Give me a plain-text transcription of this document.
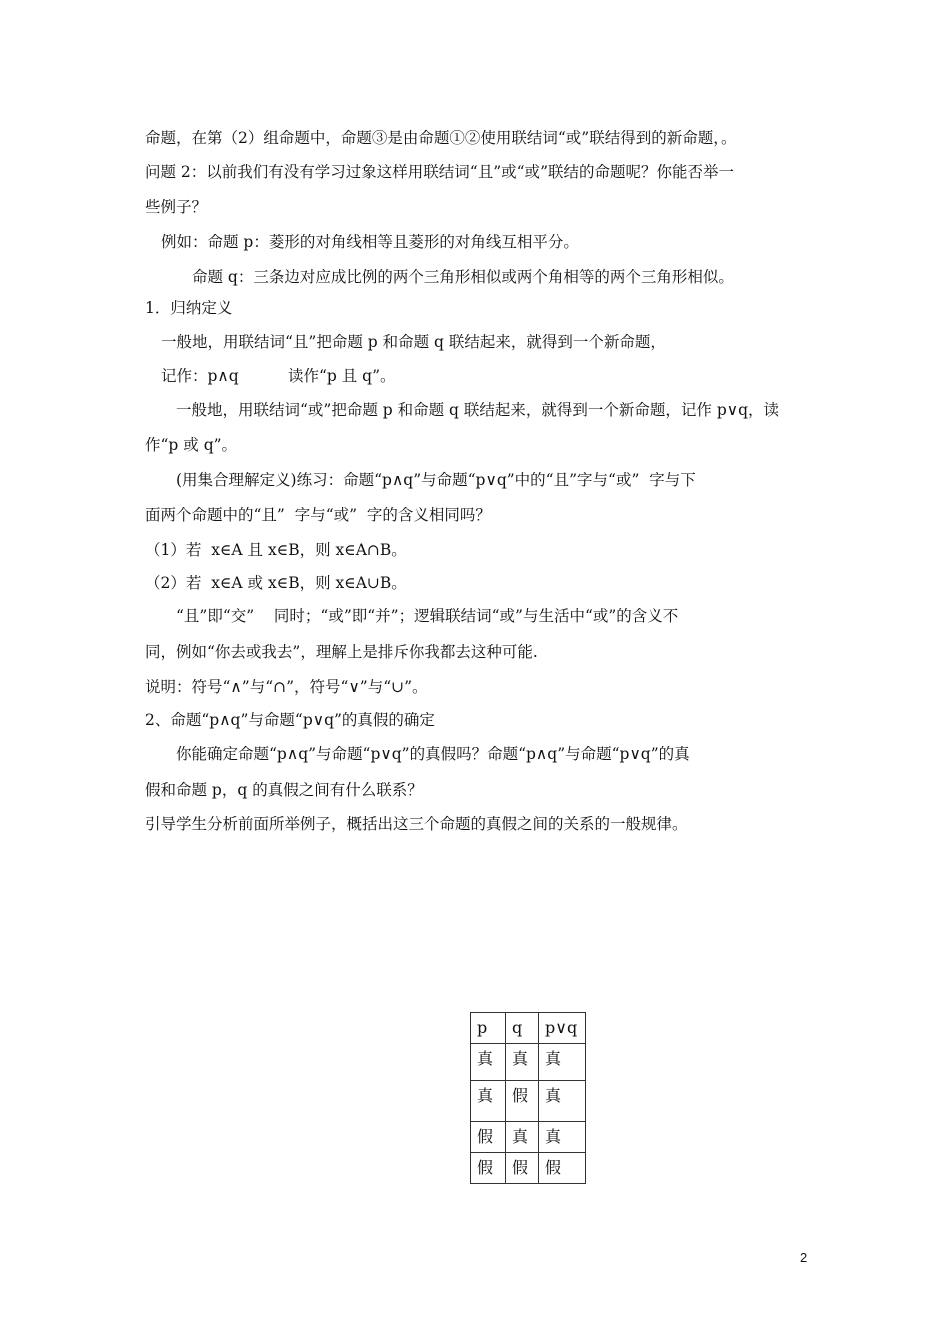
命题，在第（2）组命题中，命题③是由命题①②使用联结词“或”联结得到的新命题，。
问题 2：以前我们有没有学习过象这样用联结词“且”或“或”联结的命题呢？你能否举一
些例子？
例如：命题 p：菱形的对角线相等且菱形的对角线互相平分。
命题 q：三条边对应成比例的两个三角形相似或两个角相等的两个三角形相似。
1．归纳定义
一般地，用联结词“且”把命题 p 和命题 q 联结起来，就得到一个新命题，
记作：p∧q          读作“p 且 q”。
一般地，用联结词“或”把命题 p 和命题 q 联结起来，就得到一个新命题，记作 p∨q，读
作“p 或 q”。
(用集合理解定义)练习：命题“p∧q”与命题“p∨q”中的“且”字与“或”  字与下
面两个命题中的“且”  字与“或”  字的含义相同吗？
（1）若  x∈A 且 x∈B，则 x∈A∩B。
（2）若  x∈A 或 x∈B，则 x∈A∪B。
“且”即“交”    同时；“或”即“并”；逻辑联结词“或”与生活中“或”的含义不
同，例如“你去或我去”，理解上是排斥你我都去这种可能.
说明：符号“∧”与“∩”，符号“∨”与“∪”。
2、命题“p∧q”与命题“p∨q”的真假的确定
你能确定命题“p∧q”与命题“p∨q”的真假吗？命题“p∧q”与命题“p∨q”的真
假和命题 p，q 的真假之间有什么联系？
引导学生分析前面所举例子，概括出这三个命题的真假之间的关系的一般规律。
p	q	p∨q
真	真	真
真	假	真
假	真	真
假	假	假
2
